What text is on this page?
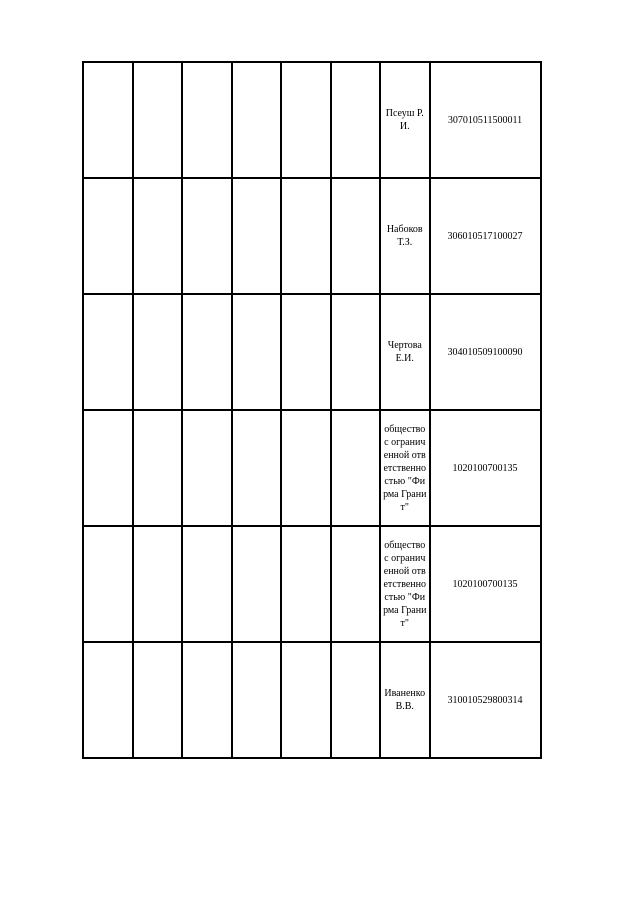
						Псеуш Р.И.	307010511500011

						Набоков Т.З.	306010517100027

						Чертова Е.И.	304010509100090

						общество с ограниченной ответственностью "Фирма Гранит"	1020100700135

						общество с ограниченной ответственностью "Фирма Гранит"	1020100700135

						Иваненко В.В.	310010529800314
